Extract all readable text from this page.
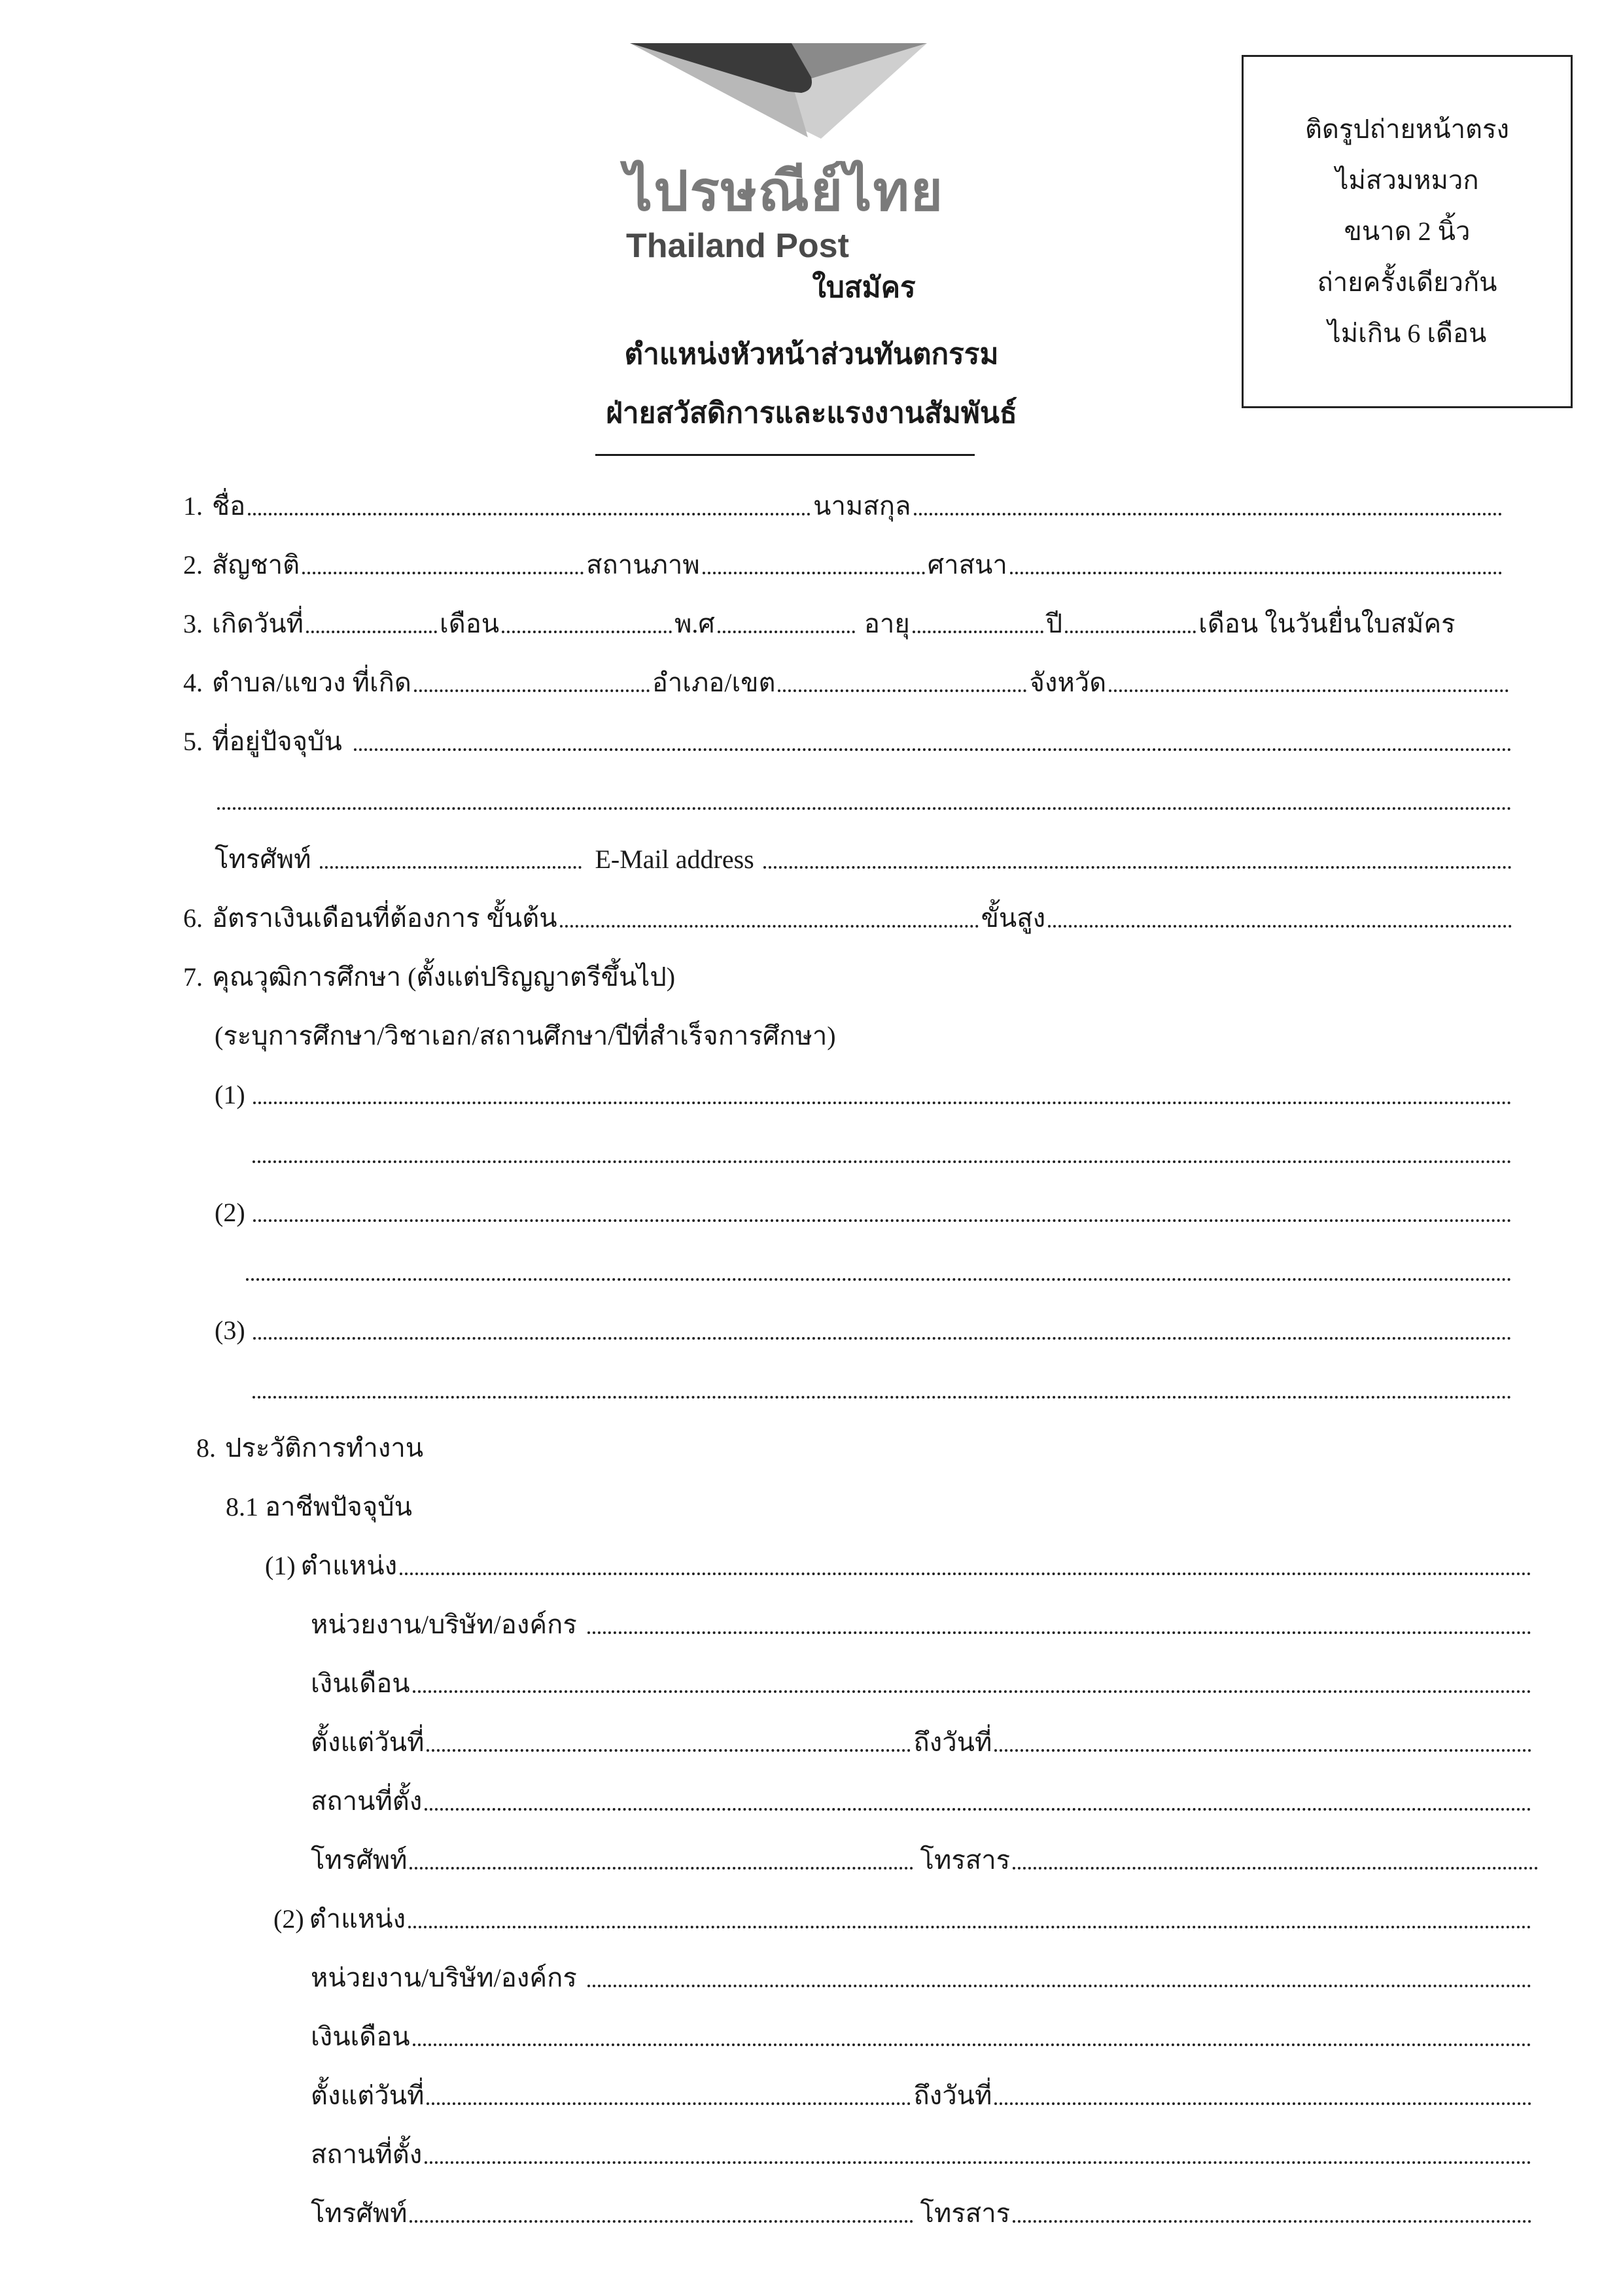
ไปรษณีย์ไทย
Thailand Post
ใบสมัคร
ตำแหน่งหัวหน้าส่วนทันตกรรม
ฝ่ายสวัสดิการและแรงงานสัมพันธ์
ติดรูปถ่ายหน้าตรง
ไม่สวมหมวก
ขนาด 2 นิ้ว
ถ่ายครั้งเดียวกัน
ไม่เกิน 6 เดือน
1. ชื่อ	นามสกุล
2. สัญชาติ	สถานภาพ	ศาสนา
3. เกิดวันที่	เดือน	พ.ศ	อายุ	ปี	เดือน ในวันยื่นใบสมัคร
4. ตำบล/แขวง ที่เกิด	อำเภอ/เขต	จังหวัด
5. ที่อยู่ปัจจุบัน
โทรศัพท์	E-Mail address
6. อัตราเงินเดือนที่ต้องการ ขั้นต้น	ขั้นสูง
7. คุณวุฒิการศึกษา (ตั้งแต่ปริญญาตรีขึ้นไป)
(ระบุการศึกษา/วิชาเอก/สถานศึกษา/ปีที่สำเร็จการศึกษา)
(1)
(2)
(3)
8. ประวัติการทำงาน
8.1 อาชีพปัจจุบัน
(1) ตำแหน่ง
หน่วยงาน/บริษัท/องค์กร
เงินเดือน
ตั้งแต่วันที่	ถึงวันที่
สถานที่ตั้ง
โทรศัพท์	โทรสาร
(2) ตำแหน่ง
หน่วยงาน/บริษัท/องค์กร
เงินเดือน
ตั้งแต่วันที่	ถึงวันที่
สถานที่ตั้ง
โทรศัพท์	โทรสาร
